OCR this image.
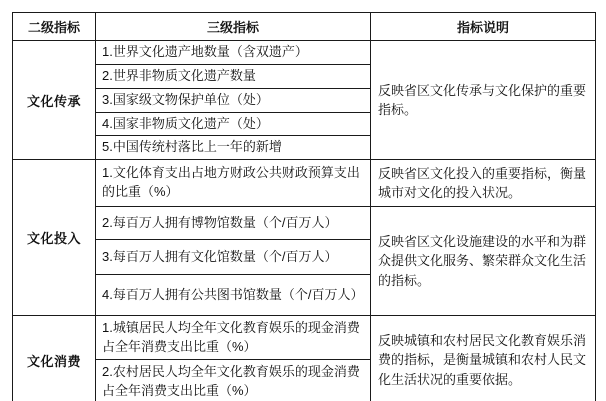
二级指标	三级指标	指标说明
文化传承	1.世界文化遗产地数量（含双遗产）	反映省区文化传承与文化保护的重要指标。
	2.世界非物质文化遗产数量	
	3.国家级文物保护单位（处）	
	4.国家非物质文化遗产（处）	
	5.中国传统村落比上一年的新增	
文化投入	1.文化体育支出占地方财政公共财政预算支出的比重（%）	反映省区文化投入的重要指标，衡量城市对文化的投入状况。
	2.每百万人拥有博物馆数量（个/百万人）	反映省区文化设施建设的水平和为群众提供文化服务、繁荣群众文化生活的指标。
	3.每百万人拥有文化馆数量（个/百万人）	
	4.每百万人拥有公共图书馆数量（个/百万人）	
文化消费	1.城镇居民人均全年文化教育娱乐的现金消费占全年消费支出比重（%）	反映城镇和农村居民文化教育娱乐消费的指标，是衡量城镇和农村人民文化生活状况的重要依据。
	2.农村居民人均全年文化教育娱乐的现金消费占全年消费支出比重（%）	
